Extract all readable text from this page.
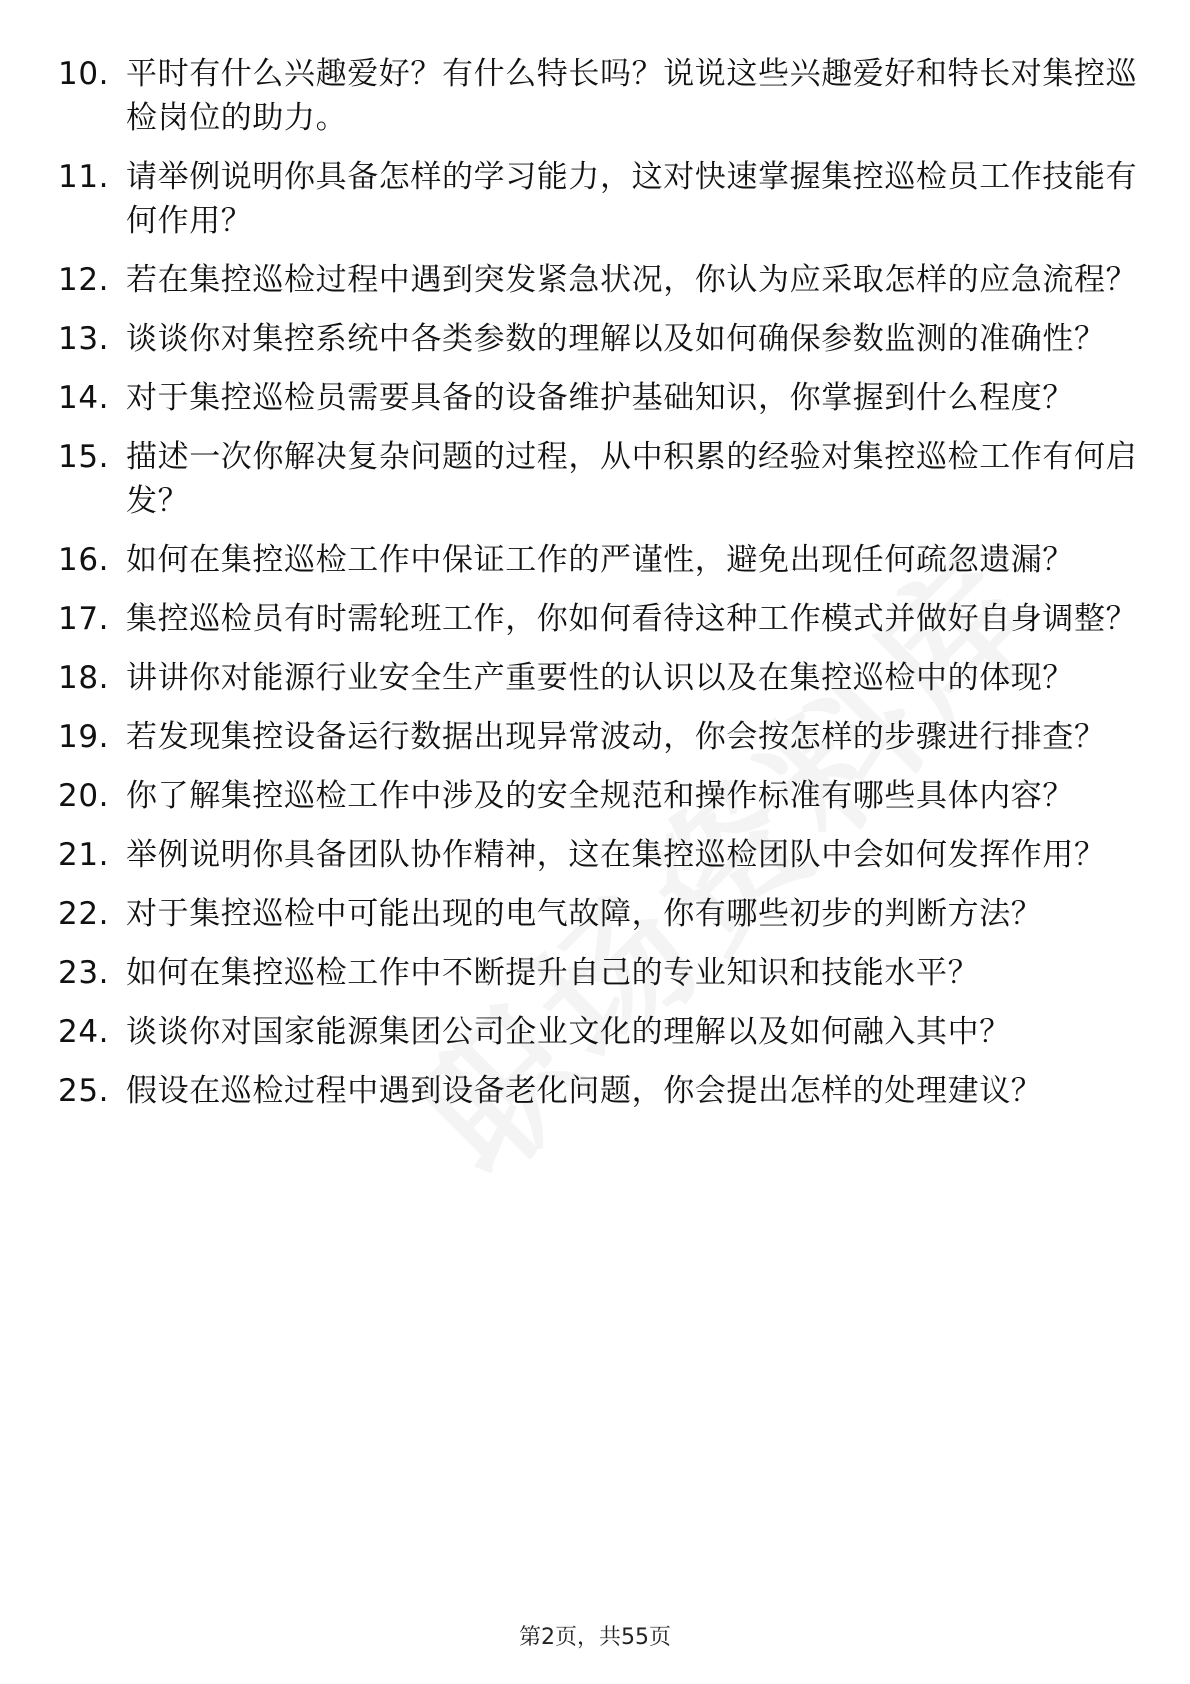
10. 平时有什么兴趣爱好？有什么特长吗？说说这些兴趣爱好和特长对集控巡检岗位的助力。
11. 请举例说明你具备怎样的学习能力，这对快速掌握集控巡检员工作技能有何作用？
12. 若在集控巡检过程中遇到突发紧急状况，你认为应采取怎样的应急流程？
13. 谈谈你对集控系统中各类参数的理解以及如何确保参数监测的准确性？
14. 对于集控巡检员需要具备的设备维护基础知识，你掌握到什么程度？
15. 描述一次你解决复杂问题的过程，从中积累的经验对集控巡检工作有何启发？
16. 如何在集控巡检工作中保证工作的严谨性，避免出现任何疏忽遗漏？
17. 集控巡检员有时需轮班工作，你如何看待这种工作模式并做好自身调整？
18. 讲讲你对能源行业安全生产重要性的认识以及在集控巡检中的体现？
19. 若发现集控设备运行数据出现异常波动，你会按怎样的步骤进行排查？
20. 你了解集控巡检工作中涉及的安全规范和操作标准有哪些具体内容？
21. 举例说明你具备团队协作精神，这在集控巡检团队中会如何发挥作用？
22. 对于集控巡检中可能出现的电气故障，你有哪些初步的判断方法？
23. 如何在集控巡检工作中不断提升自己的专业知识和技能水平？
24. 谈谈你对国家能源集团公司企业文化的理解以及如何融入其中？
25. 假设在巡检过程中遇到设备老化问题，你会提出怎样的处理建议？
第2页，共55页
